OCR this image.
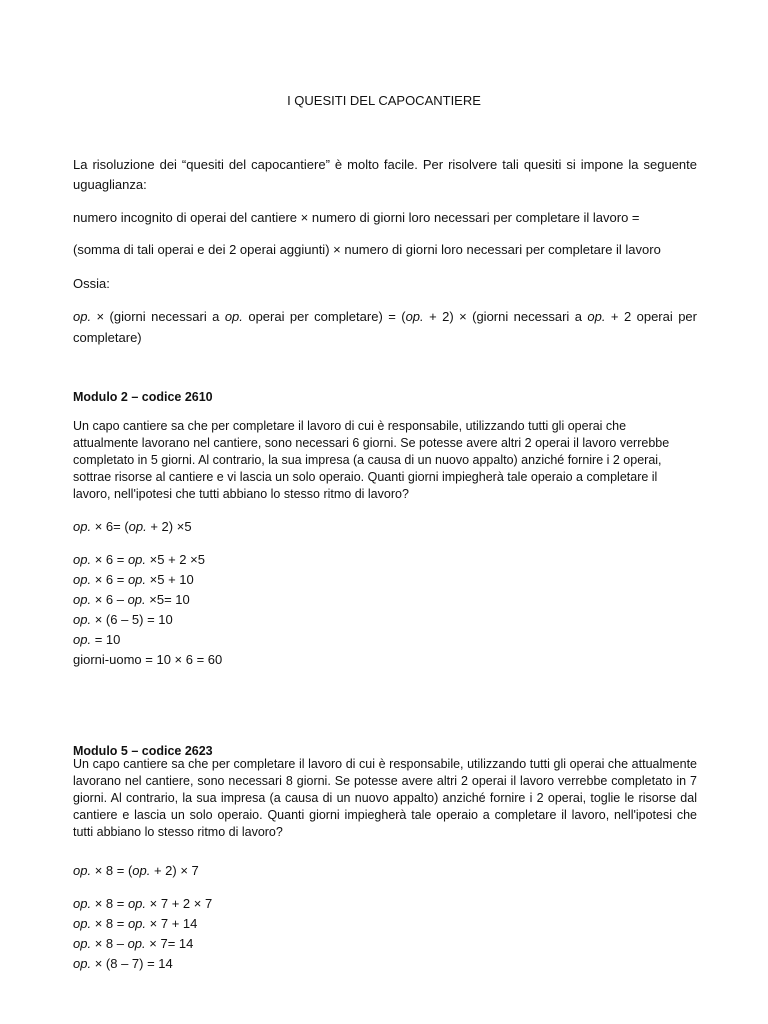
I QUESITI DEL CAPOCANTIERE

La risoluzione dei “quesiti del capocantiere” è molto facile. Per risolvere tali quesiti si impone la seguente uguaglianza:

numero incognito di operai del cantiere × numero di giorni loro necessari per completare il lavoro =

(somma di tali operai e dei 2 operai aggiunti) × numero di giorni loro necessari per completare il lavoro

Ossia:

op. × (giorni necessari a op. operai per completare) = (op. + 2) × (giorni necessari a op. + 2 operai per completare)

Modulo 2 – codice 2610

Un capo cantiere sa che per completare il lavoro di cui è responsabile, utilizzando tutti gli operai che attualmente lavorano nel cantiere, sono necessari 6 giorni. Se potesse avere altri 2 operai il lavoro verrebbe completato in 5 giorni. Al contrario, la sua impresa (a causa di un nuovo appalto) anziché fornire i 2 operai, sottrae risorse al cantiere e vi lascia un solo operaio. Quanti giorni impiegherà tale operaio a completare il lavoro, nell'ipotesi che tutti abbiano lo stesso ritmo di lavoro?

op. × 6= (op. + 2) ×5
op. × 6 = op. ×5 + 2 ×5
op. × 6 = op. ×5 + 10
op. × 6 – op. ×5= 10
op. × (6 – 5) = 10
op. = 10
giorni-uomo = 10 × 6 = 60
Modulo 5 – codice 2623

Un capo cantiere sa che per completare il lavoro di cui è responsabile, utilizzando tutti gli operai che attualmente lavorano nel cantiere, sono necessari 8 giorni. Se potesse avere altri 2 operai il lavoro verrebbe completato in 7 giorni. Al contrario, la sua impresa (a causa di un nuovo appalto) anziché fornire i 2 operai, toglie le risorse dal cantiere e lascia un solo operaio. Quanti giorni impiegherà tale operaio a completare il lavoro, nell'ipotesi che tutti abbiano lo stesso ritmo di lavoro?

op. × 8 = (op. + 2) × 7
op. × 8 = op. × 7 + 2 × 7
op. × 8 = op. × 7 + 14
op. × 8 – op. × 7= 14
op. × (8 – 7) = 14
